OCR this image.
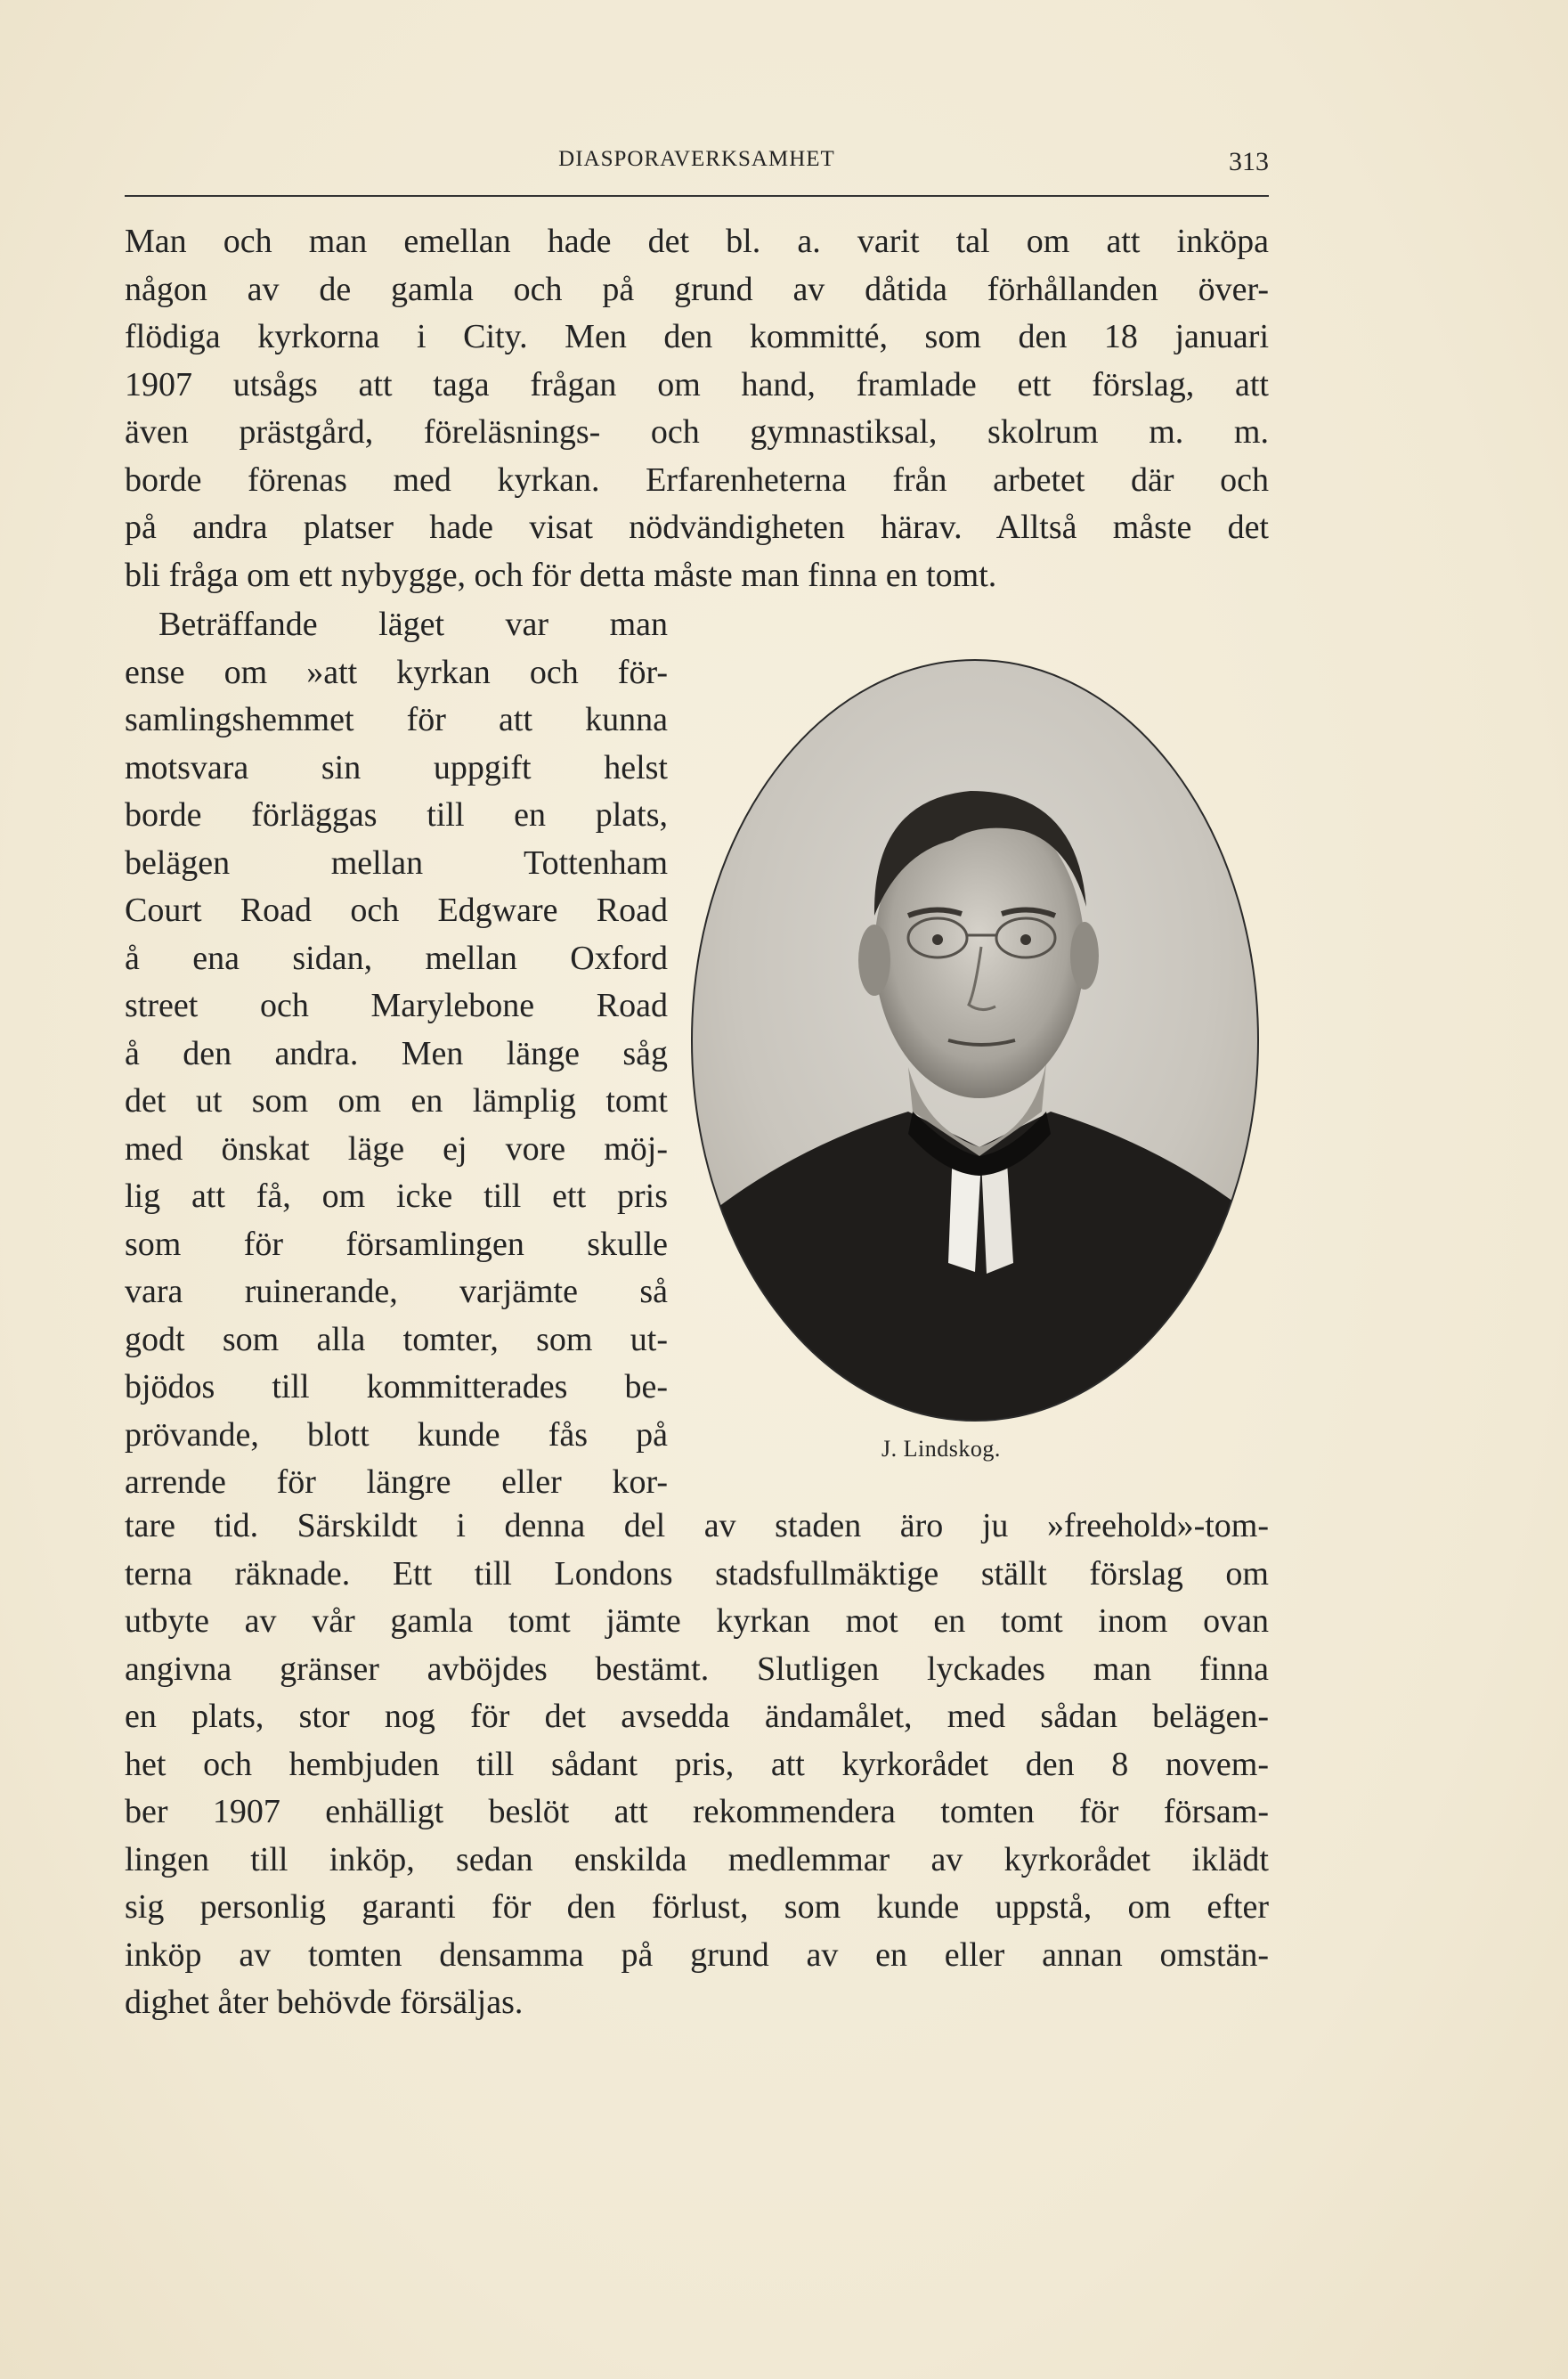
DIASPORAVERKSAMHET	313
Man och man emellan hade det bl. a. varit tal om att inköpa
någon av de gamla och på grund av dåtida förhållanden över-
flödiga kyrkorna i City. Men den kommitté, som den 18 januari
1907 utsågs att taga frågan om hand, framlade ett förslag, att
även prästgård, föreläsnings- och gymnastiksal, skolrum m. m.
borde förenas med kyrkan. Erfarenheterna från arbetet där och
på andra platser hade visat nödvändigheten härav. Alltså måste det
bli fråga om ett nybygge, och för detta måste man finna en tomt.
Beträffande läget var man
ense om »att kyrkan och för-
samlingshemmet för att kunna
motsvara sin uppgift helst
borde förläggas till en plats,
belägen mellan Tottenham
Court Road och Edgware Road
å ena sidan, mellan Oxford
street och Marylebone Road
å den andra. Men länge såg
det ut som om en lämplig tomt
med önskat läge ej vore möj-
lig att få, om icke till ett pris
som för församlingen skulle
vara ruinerande, varjämte så
godt som alla tomter, som ut-
bjödos till kommitterades be-
prövande, blott kunde fås på
arrende för längre eller kor-
J. Lindskog.
tare tid. Särskildt i denna del av staden äro ju »freehold»-tom-
terna räknade. Ett till Londons stadsfullmäktige ställt förslag om
utbyte av vår gamla tomt jämte kyrkan mot en tomt inom ovan
angivna gränser avböjdes bestämt. Slutligen lyckades man finna
en plats, stor nog för det avsedda ändamålet, med sådan belägen-
het och hembjuden till sådant pris, att kyrkorådet den 8 novem-
ber 1907 enhälligt beslöt att rekommendera tomten för försam-
lingen till inköp, sedan enskilda medlemmar av kyrkorådet iklädt
sig personlig garanti för den förlust, som kunde uppstå, om efter
inköp av tomten densamma på grund av en eller annan omstän-
dighet åter behövde försäljas.
